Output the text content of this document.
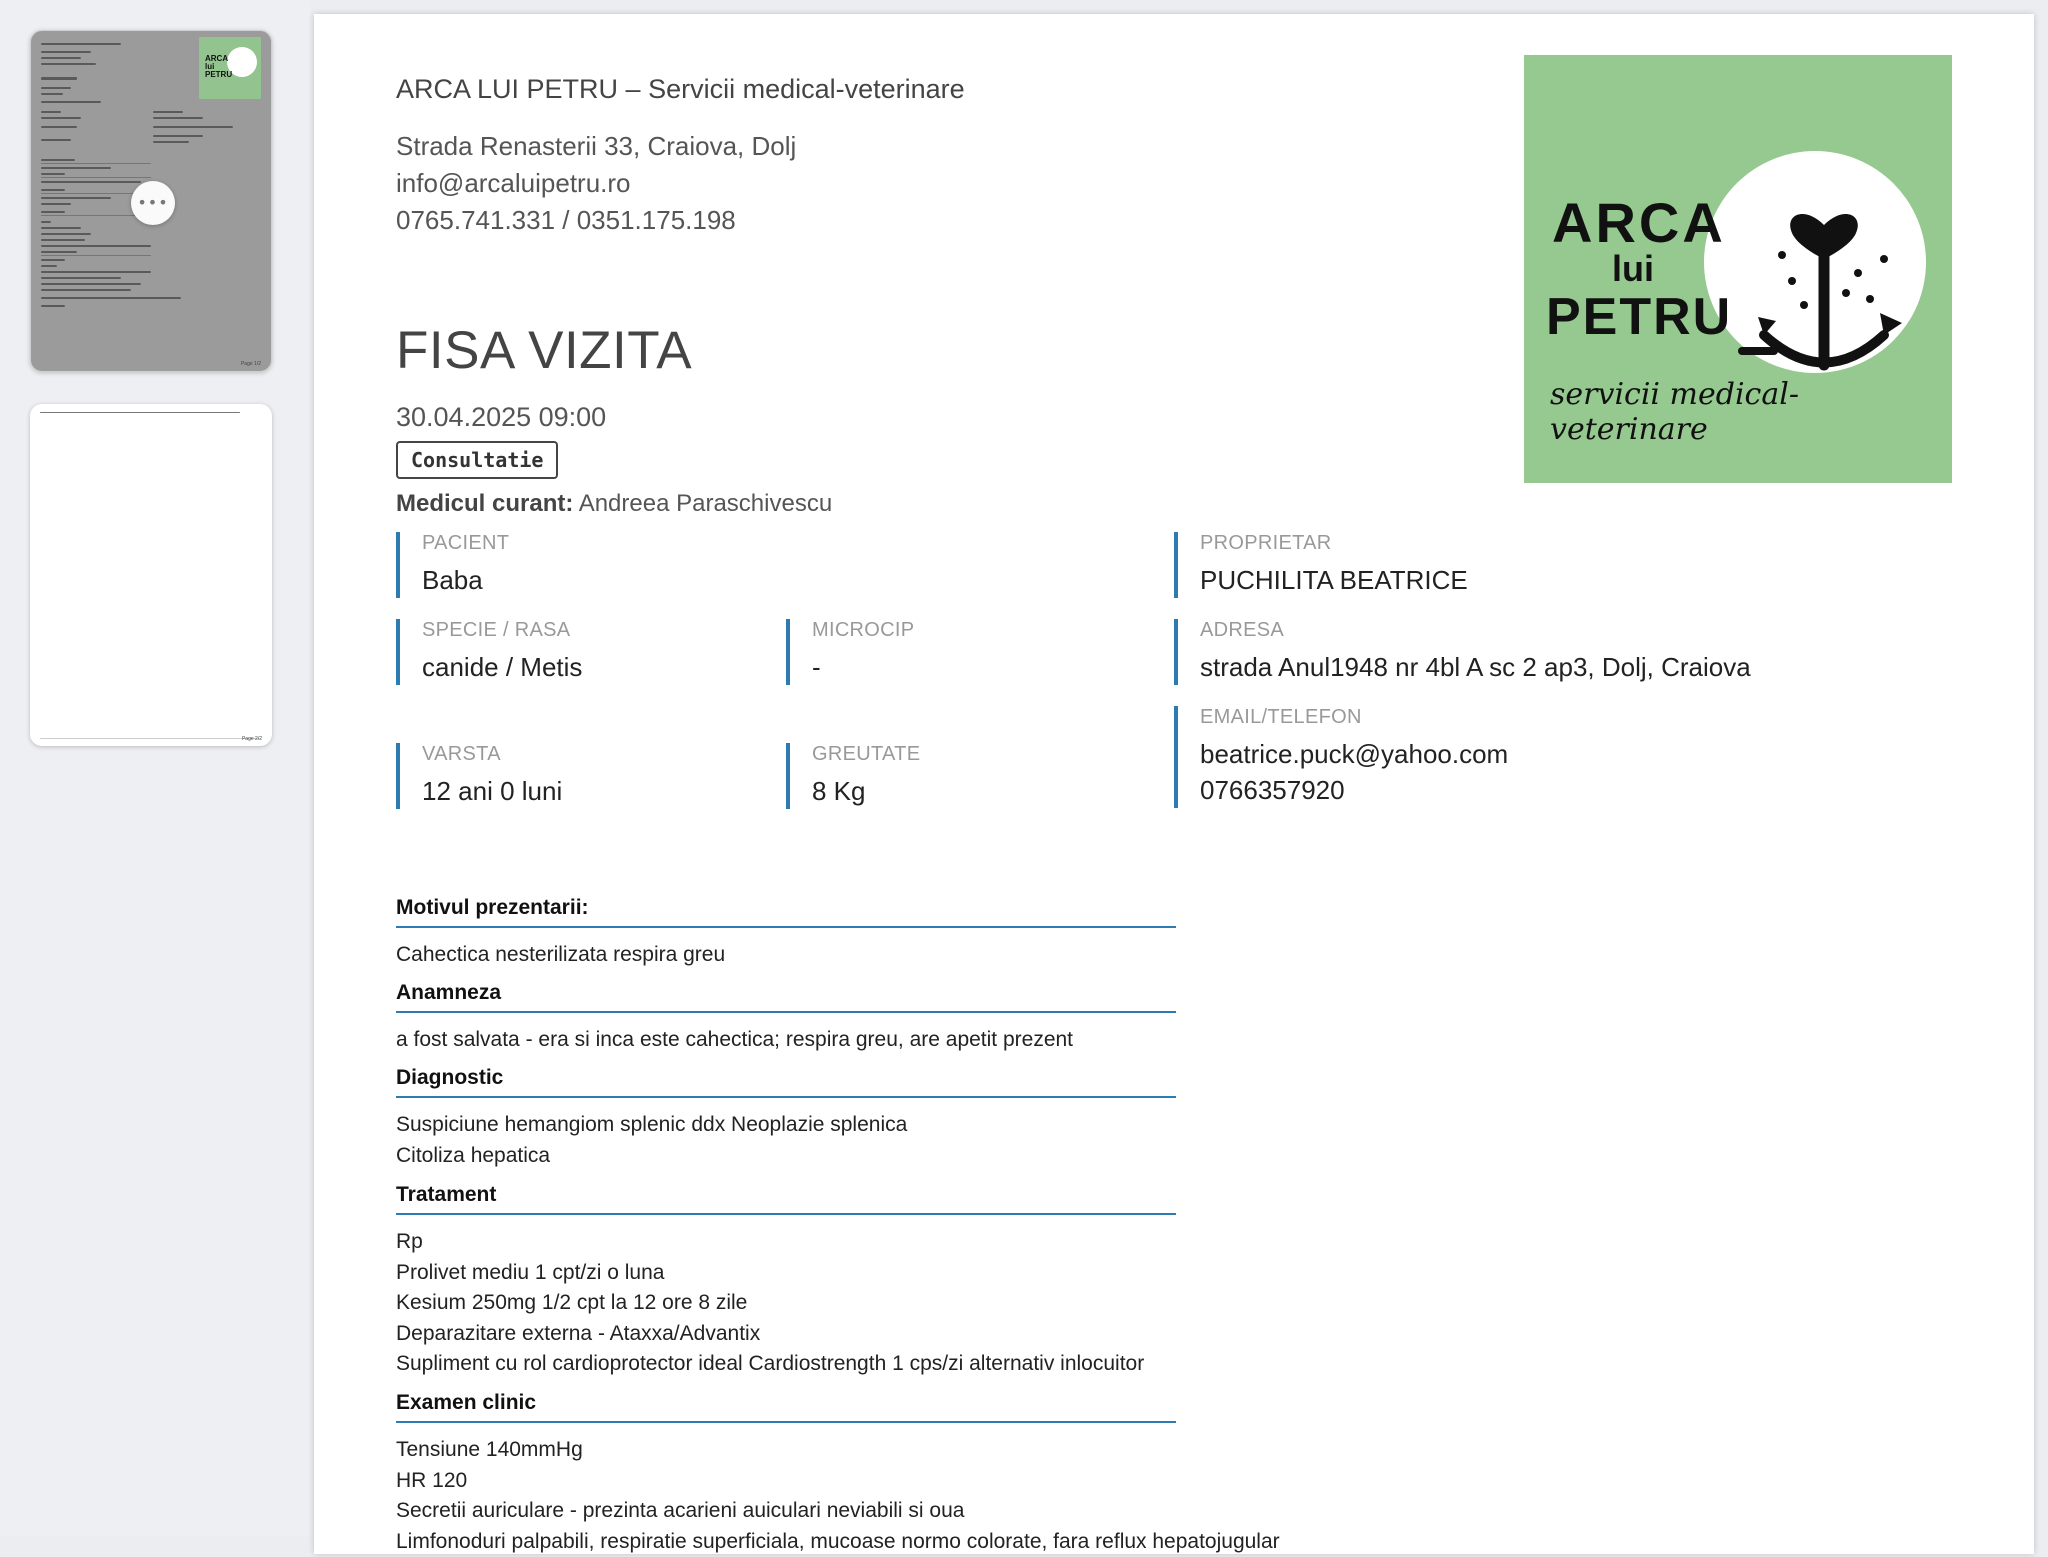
ARCA
lui
PETRU
Page 1/2
•••
Page 2/2
ARCA LUI PETRU – Servicii medical-veterinare
Strada Renasterii 33, Craiova, Dolj
info@arcaluipetru.ro
0765.741.331 / 0351.175.198	ARCA
lui
PETRU
servicii medical-veterinare
FISA VIZITA
30.04.2025 09:00
Consultatie
Medicul curant: Andreea Paraschivescu
PACIENT
Baba
SPECIE / RASA
canide / Metis
MICROCIP
-
VARSTA
12 ani 0 luni
GREUTATE
8 Kg
PROPRIETAR
PUCHILITA BEATRICE
ADRESA
strada Anul1948 nr 4bl A sc 2 ap3, Dolj, Craiova
EMAIL/TELEFON
beatrice.puck@yahoo.com
0766357920
Motivul prezentarii:
Cahectica nesterilizata respira greu
Anamneza
a fost salvata - era si inca este cahectica; respira greu, are apetit prezent
Diagnostic
Suspiciune hemangiom splenic ddx Neoplazie splenica
Citoliza hepatica
Tratament
Rp
Prolivet mediu 1 cpt/zi o luna
Kesium 250mg 1/2 cpt la 12 ore 8 zile
Deparazitare externa - Ataxxa/Advantix
Supliment cu rol cardioprotector ideal Cardiostrength 1 cps/zi alternativ inlocuitor
Examen clinic
Tensiune 140mmHg
HR 120
Secretii auriculare - prezinta acarieni auiculari neviabili si oua
Limfonoduri palpabili, respiratie superficiala, mucoase normo colorate, fara reflux hepatojugular
